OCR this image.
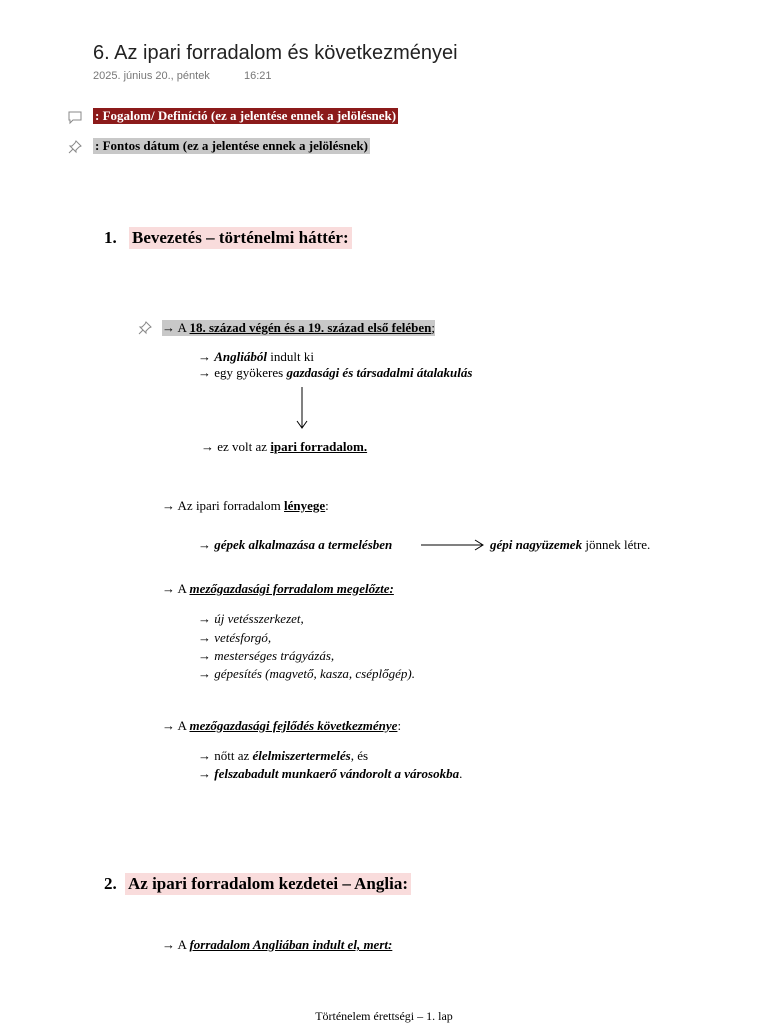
6. Az ipari forradalom és következményei
2025. június 20., péntek	16:21
: Fogalom/ Definíció (ez a jelentése ennek a jelölésnek)
: Fontos dátum (ez a jelentése ennek a jelölésnek)
1. Bevezetés – történelmi háttér:
→ A 18. század végén és a 19. század első felében;
→ Angliából indult ki
→ egy gyökeres gazdasági és társadalmi átalakulás
→ ez volt az ipari forradalom.
→ Az ipari forradalom lényege:
→ gépek alkalmazása a termelésben	gépi nagyüzemek jönnek létre.
→ A mezőgazdasági forradalom megelőzte:
→ új vetésszerkezet,
→ vetésforgó,
→ mesterséges trágyázás,
→ gépesítés (magvető, kasza, cséplőgép).
→ A mezőgazdasági fejlődés következménye:
→ nőtt az élelmiszertermelés, és
→ felszabadult munkaerő vándorolt a városokba.
2. Az ipari forradalom kezdetei – Anglia:
→ A forradalom Angliában indult el, mert:
Történelem érettségi – 1. lap
